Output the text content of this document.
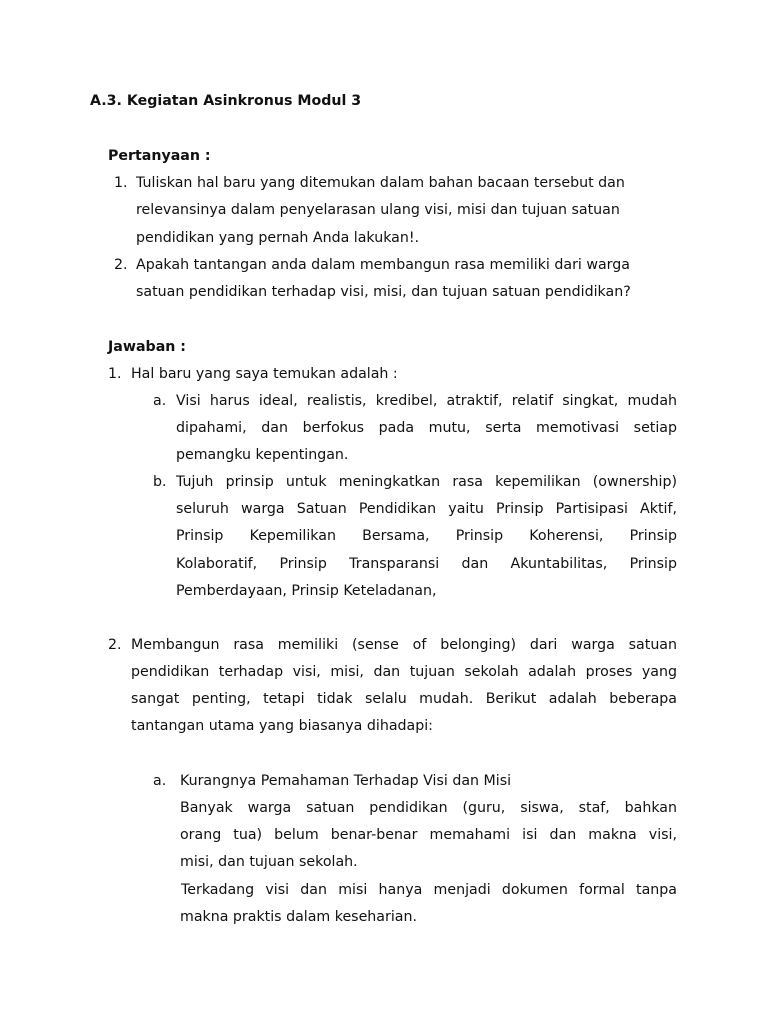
A.3. Kegiatan Asinkronus Modul 3
Pertanyaan :
1. Tuliskan hal baru yang ditemukan dalam bahan bacaan tersebut dan
relevansinya dalam penyelarasan ulang visi, misi dan tujuan satuan
pendidikan yang pernah Anda lakukan!.
2. Apakah tantangan anda dalam membangun rasa memiliki dari warga
satuan pendidikan terhadap visi, misi, dan tujuan satuan pendidikan?
Jawaban :
1. Hal baru yang saya temukan adalah :
a. Visi harus ideal, realistis, kredibel, atraktif, relatif singkat, mudah
dipahami, dan berfokus pada mutu, serta memotivasi setiap
pemangku kepentingan.
b. Tujuh prinsip untuk meningkatkan rasa kepemilikan (ownership)
seluruh warga Satuan Pendidikan yaitu Prinsip Partisipasi Aktif,
Prinsip Kepemilikan Bersama, Prinsip Koherensi, Prinsip
Kolaboratif, Prinsip Transparansi dan Akuntabilitas, Prinsip
Pemberdayaan, Prinsip Keteladanan,
2. Membangun rasa memiliki (sense of belonging) dari warga satuan
pendidikan terhadap visi, misi, dan tujuan sekolah adalah proses yang
sangat penting, tetapi tidak selalu mudah. Berikut adalah beberapa
tantangan utama yang biasanya dihadapi:
a. Kurangnya Pemahaman Terhadap Visi dan Misi
Banyak warga satuan pendidikan (guru, siswa, staf, bahkan
orang tua) belum benar-benar memahami isi dan makna visi,
misi, dan tujuan sekolah.
Terkadang visi dan misi hanya menjadi dokumen formal tanpa
makna praktis dalam keseharian.
